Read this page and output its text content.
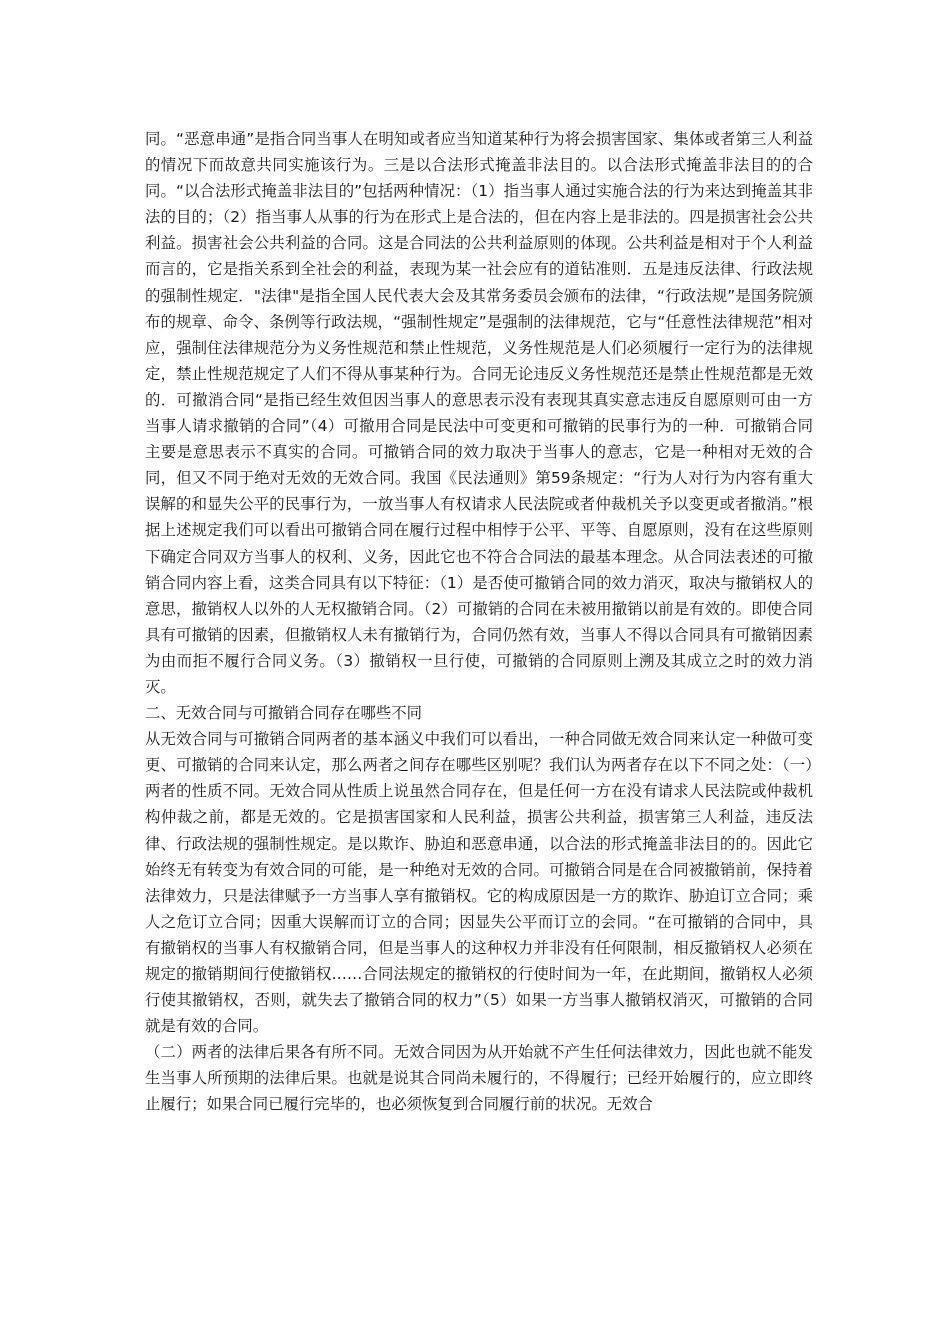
同。“恶意串通”是指合同当事人在明知或者应当知道某种行为将会损害国家、集体或者第三人利益的情况下而故意共同实施该行为。三是以合法形式掩盖非法目的。以合法形式掩盖非法目的的合同。“以合法形式掩盖非法目的”包括两种情况：（1）指当事人通过实施合法的行为来达到掩盖其非法的目的；（2）指当事人从事的行为在形式上是合法的，但在内容上是非法的。四是损害社会公共利益。损害社会公共利益的合同。这是合同法的公共利益原则的体现。公共利益是相对于个人利益而言的，它是指关系到全社会的利益，表现为某一社会应有的道钻准则．五是违反法律、行政法规的强制性规定．"法律"是指全国人民代表大会及其常务委员会颁布的法律，“行政法规”是国务院颁布的规章、命令、条例等行政法规，“强制性规定”是强制的法律规范，它与“任意性法律规范”相对应，强制住法律规范分为义务性规范和禁止性规范，义务性规范是人们必须履行一定行为的法律规定，禁止性规范规定了人们不得从事某种行为。合同无论违反义务性规范还是禁止性规范都是无效的．可撤消合同“是指已经生效但因当事人的意思表示没有表现其真实意志违反自愿原则可由一方当事人请求撤销的合同”（4）可撤用合同是民法中可变更和可撤销的民事行为的一种．可撤销合同主要是意思表示不真实的合同。可撤销合同的效力取决于当事人的意志，它是一种相对无效的合同，但又不同于绝对无效的无效合同。我国《民法通则》第59条规定：“行为人对行为内容有重大误解的和显失公平的民事行为，一放当事人有权请求人民法院或者仲裁机关予以变更或者撤消。”根据上述规定我们可以看出可撤销合同在履行过程中相悖于公平、平等、自愿原则，没有在这些原则下确定合同双方当事人的权利、义务，因此它也不符合合同法的最基本理念。从合同法表述的可撤销合同内容上看，这类合同具有以下特征：（1）是否使可撤销合同的效力消灭，取决与撤销权人的意思，撤销权人以外的人无权撤销合同。（2）可撤销的合同在未被用撤销以前是有效的。即使合同具有可撤销的因素，但撤销权人未有撤销行为，合同仍然有效，当事人不得以合同具有可撤销因素为由而拒不履行合同义务。（3）撤销权一旦行使，可撤销的合同原则上溯及其成立之时的效力消灭。

二、无效合同与可撤销合同存在哪些不同

从无效合同与可撤销合同两者的基本涵义中我们可以看出，一种合同做无效合同来认定一种做可变更、可撤销的合同来认定，那么两者之间存在哪些区别呢？我们认为两者存在以下不同之处：（一）两者的性质不同。无效合同从性质上说虽然合同存在，但是任何一方在没有请求人民法院或仲裁机构仲裁之前，都是无效的。它是损害国家和人民利益，损害公共利益，损害第三人利益，违反法律、行政法规的强制性规定。是以欺诈、胁迫和恶意串通，以合法的形式掩盖非法目的的。因此它始终无有转变为有效合同的可能，是一种绝对无效的合同。可撤销合同是在合同被撤销前，保持着法律效力，只是法律赋予一方当事人享有撤销权。它的构成原因是一方的欺诈、胁迫订立合同；乘人之危订立合同；因重大误解而订立的合同；因显失公平而订立的会同。“在可撤销的合同中，具有撤销权的当事人有权撤销合同，但是当事人的这种权力并非没有任何限制，相反撤销权人必须在规定的撤销期间行使撤销权……合同法规定的撤销权的行使时间为一年，在此期间，撤销权人必须行使其撤销权，否则，就失去了撤销合同的权力”（5）如果一方当事人撤销权消灭，可撤销的合同就是有效的合同。

（二）两者的法律后果各有所不同。无效合同因为从开始就不产生任何法律效力，因此也就不能发生当事人所预期的法律后果。也就是说其合同尚未履行的，不得履行；已经开始履行的，应立即终止履行；如果合同已履行完毕的，也必须恢复到合同履行前的状况。无效合
